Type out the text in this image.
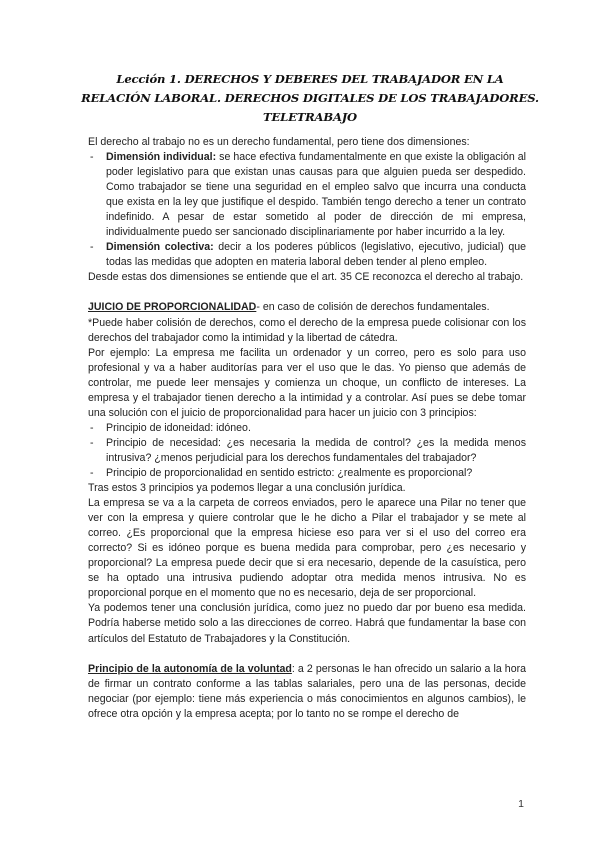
Lección 1. DERECHOS Y DEBERES DEL TRABAJADOR EN LA
RELACIÓN LABORAL. DERECHOS DIGITALES DE LOS TRABAJADORES.
TELETRABAJO

El derecho al trabajo no es un derecho fundamental, pero tiene dos dimensiones:

- Dimensión individual: se hace efectiva fundamentalmente en que existe la obligación al poder legislativo para que existan unas causas para que alguien pueda ser despedido. Como trabajador se tiene una seguridad en el empleo salvo que incurra una conducta que exista en la ley que justifique el despido. También tengo derecho a tener un contrato indefinido. A pesar de estar sometido al poder de dirección de mi empresa, individualmente puedo ser sancionado disciplinariamente por haber incurrido a la ley.
- Dimensión colectiva: decir a los poderes públicos (legislativo, ejecutivo, judicial) que todas las medidas que adopten en materia laboral deben tender al pleno empleo.

Desde estas dos dimensiones se entiende que el art. 35 CE reconozca el derecho al trabajo.

JUICIO DE PROPORCIONALIDAD- en caso de colisión de derechos fundamentales.

*Puede haber colisión de derechos, como el derecho de la empresa puede colisionar con los derechos del trabajador como la intimidad y la libertad de cátedra.

Por ejemplo: La empresa me facilita un ordenador y un correo, pero es solo para uso profesional y va a haber auditorías para ver el uso que le das. Yo pienso que además de controlar, me puede leer mensajes y comienza un choque, un conflicto de intereses. La empresa y el trabajador tienen derecho a la intimidad y a controlar. Así pues se debe tomar una solución con el juicio de proporcionalidad para hacer un juicio con 3 principios:

- Principio de idoneidad: idóneo.
- Principio de necesidad: ¿es necesaria la medida de control? ¿es la medida menos intrusiva? ¿menos perjudicial para los derechos fundamentales del trabajador?
- Principio de proporcionalidad en sentido estricto: ¿realmente es proporcional?

Tras estos 3 principios ya podemos llegar a una conclusión jurídica.

La empresa se va a la carpeta de correos enviados, pero le aparece una Pilar no tener que ver con la empresa y quiere controlar que le he dicho a Pilar el trabajador y se mete al correo. ¿Es proporcional que la empresa hiciese eso para ver si el uso del correo era correcto? Si es idóneo porque es buena medida para comprobar, pero ¿es necesario y proporcional? La empresa puede decir que si era necesario, depende de la casuística, pero se ha optado una intrusiva pudiendo adoptar otra medida menos intrusiva. No es proporcional porque en el momento que no es necesario, deja de ser proporcional.

Ya podemos tener una conclusión jurídica, como juez no puedo dar por bueno esa medida. Podría haberse metido solo a las direcciones de correo. Habrá que fundamentar la base con artículos del Estatuto de Trabajadores y la Constitución.

Principio de la autonomía de la voluntad: a 2 personas le han ofrecido un salario a la hora de firmar un contrato conforme a las tablas salariales, pero una de las personas, decide negociar (por ejemplo: tiene más experiencia o más conocimientos en algunos cambios), le ofrece otra opción y la empresa acepta; por lo tanto no se rompe el derecho de

1
